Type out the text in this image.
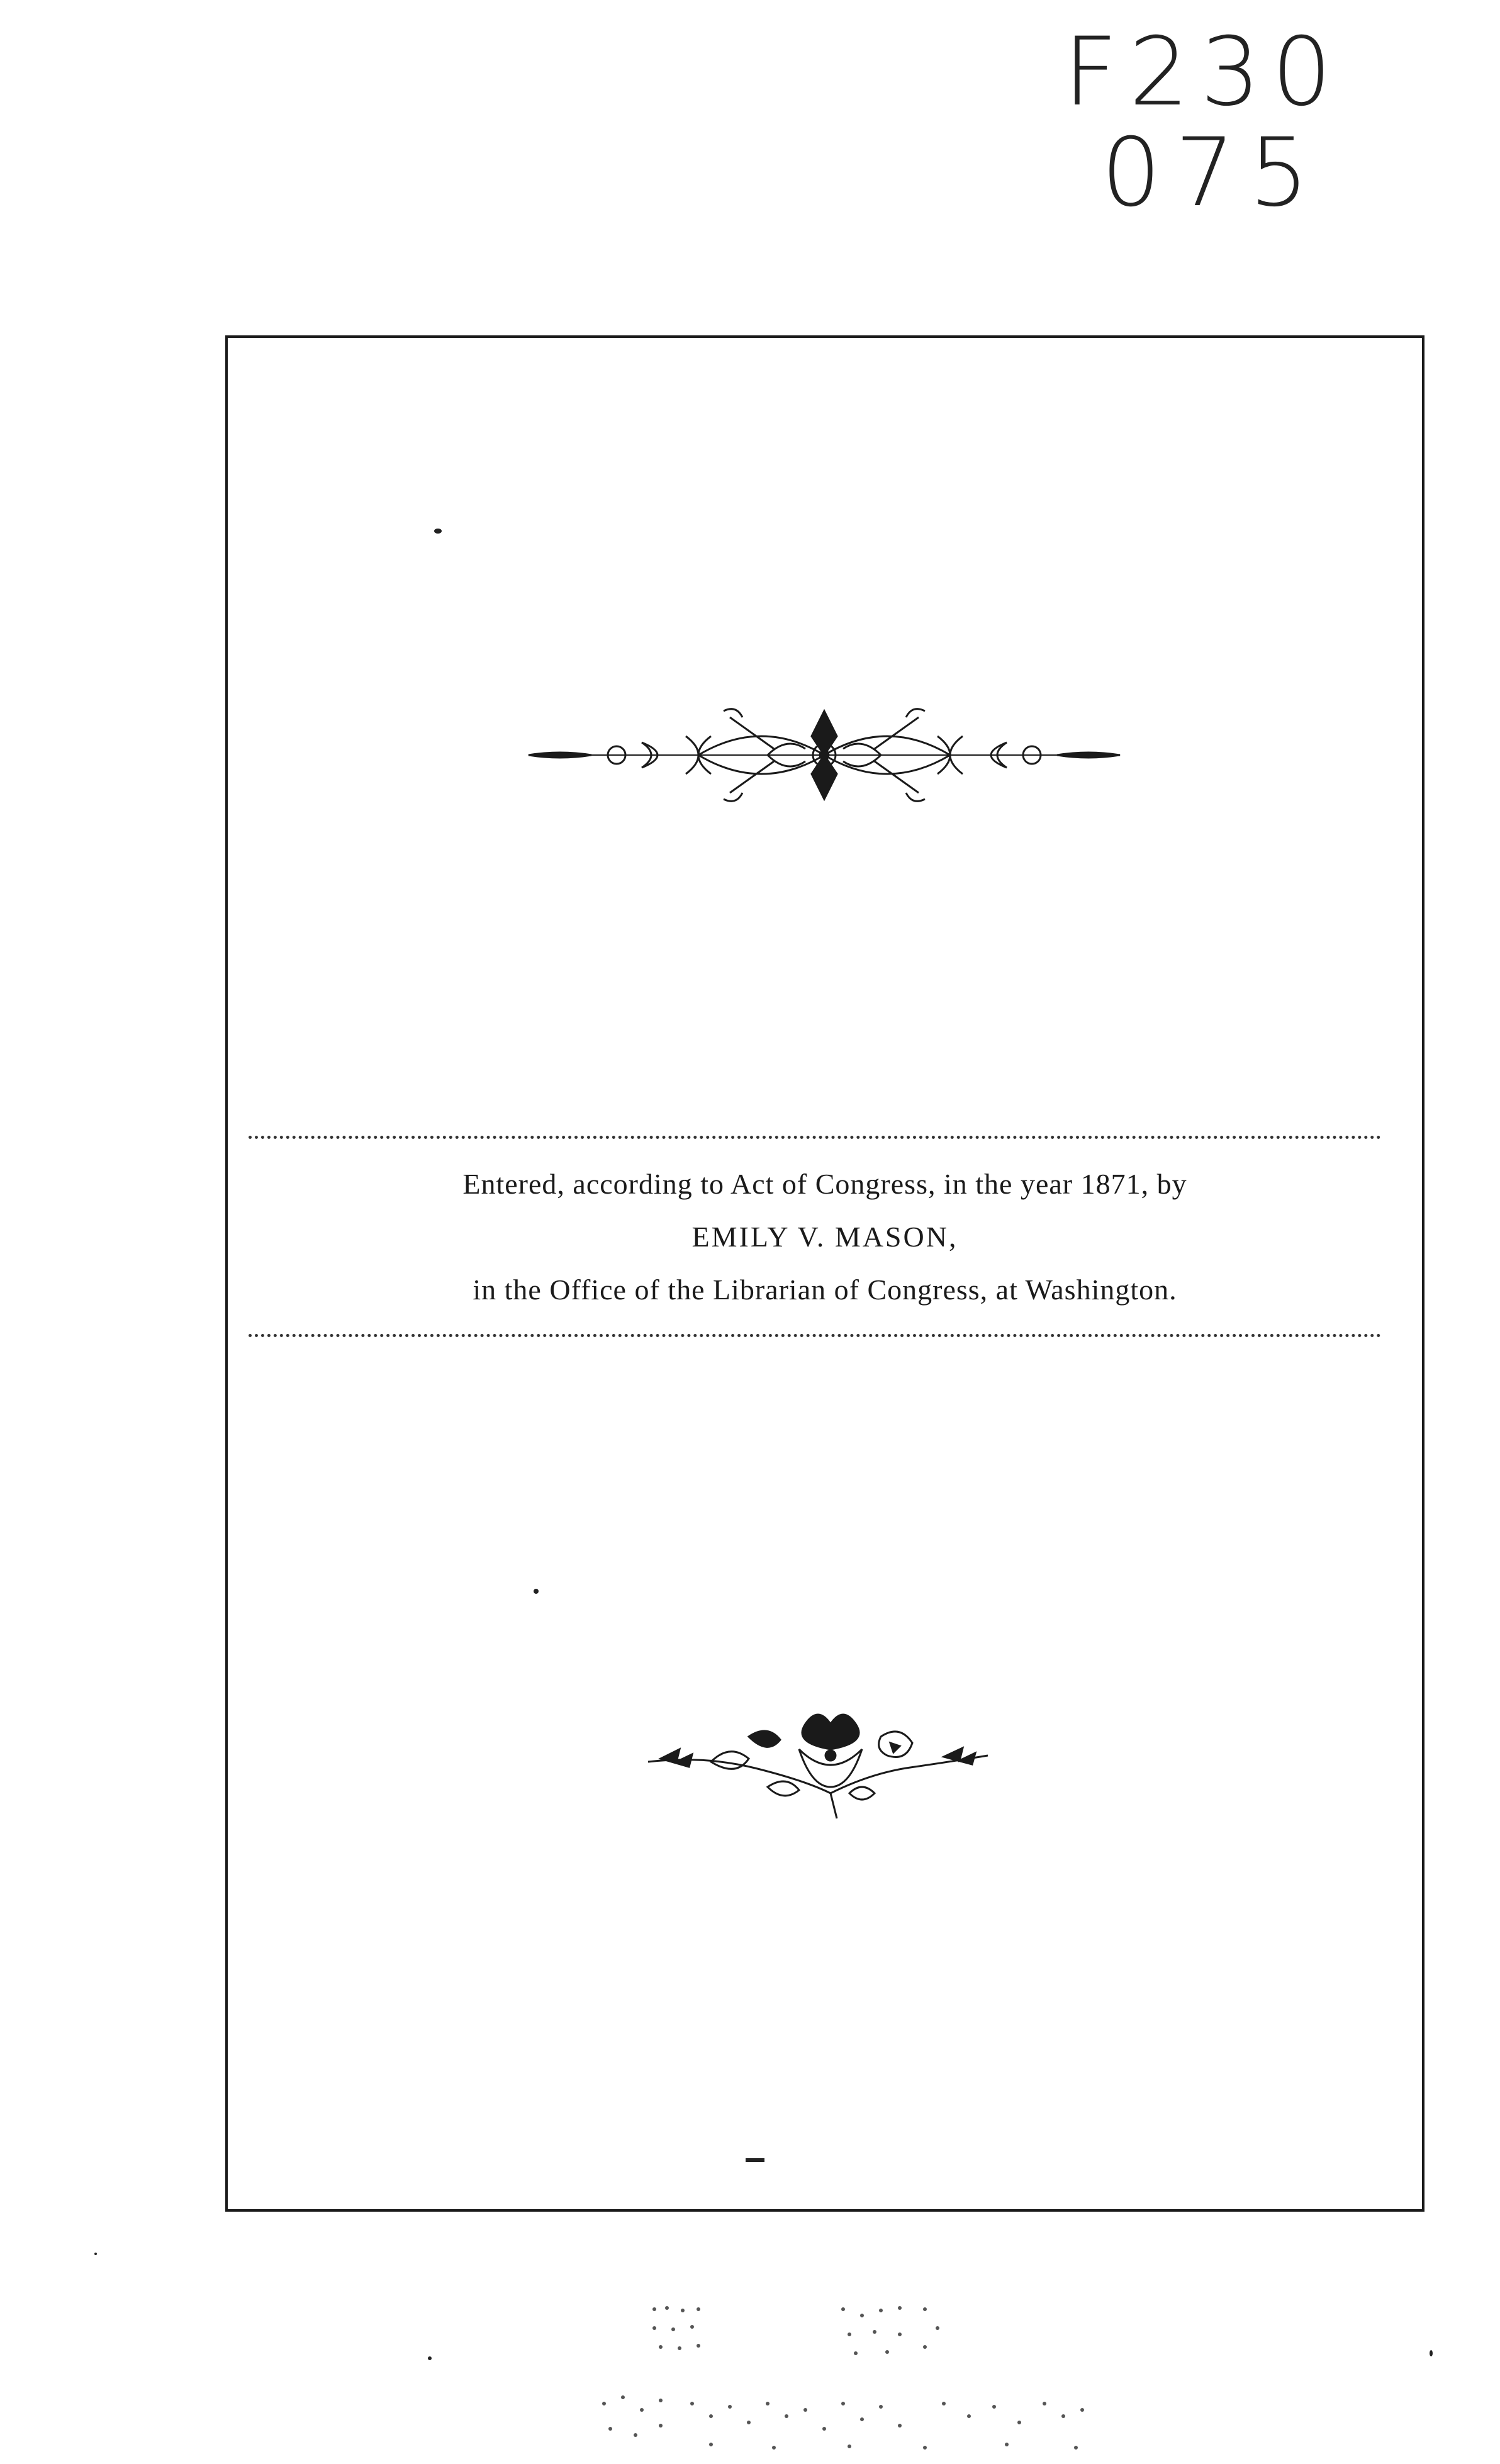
F230
075
Entered, according to Act of Congress, in the year 1871, by
EMILY V. MASON,
in the Office of the Librarian of Congress, at Washington.
